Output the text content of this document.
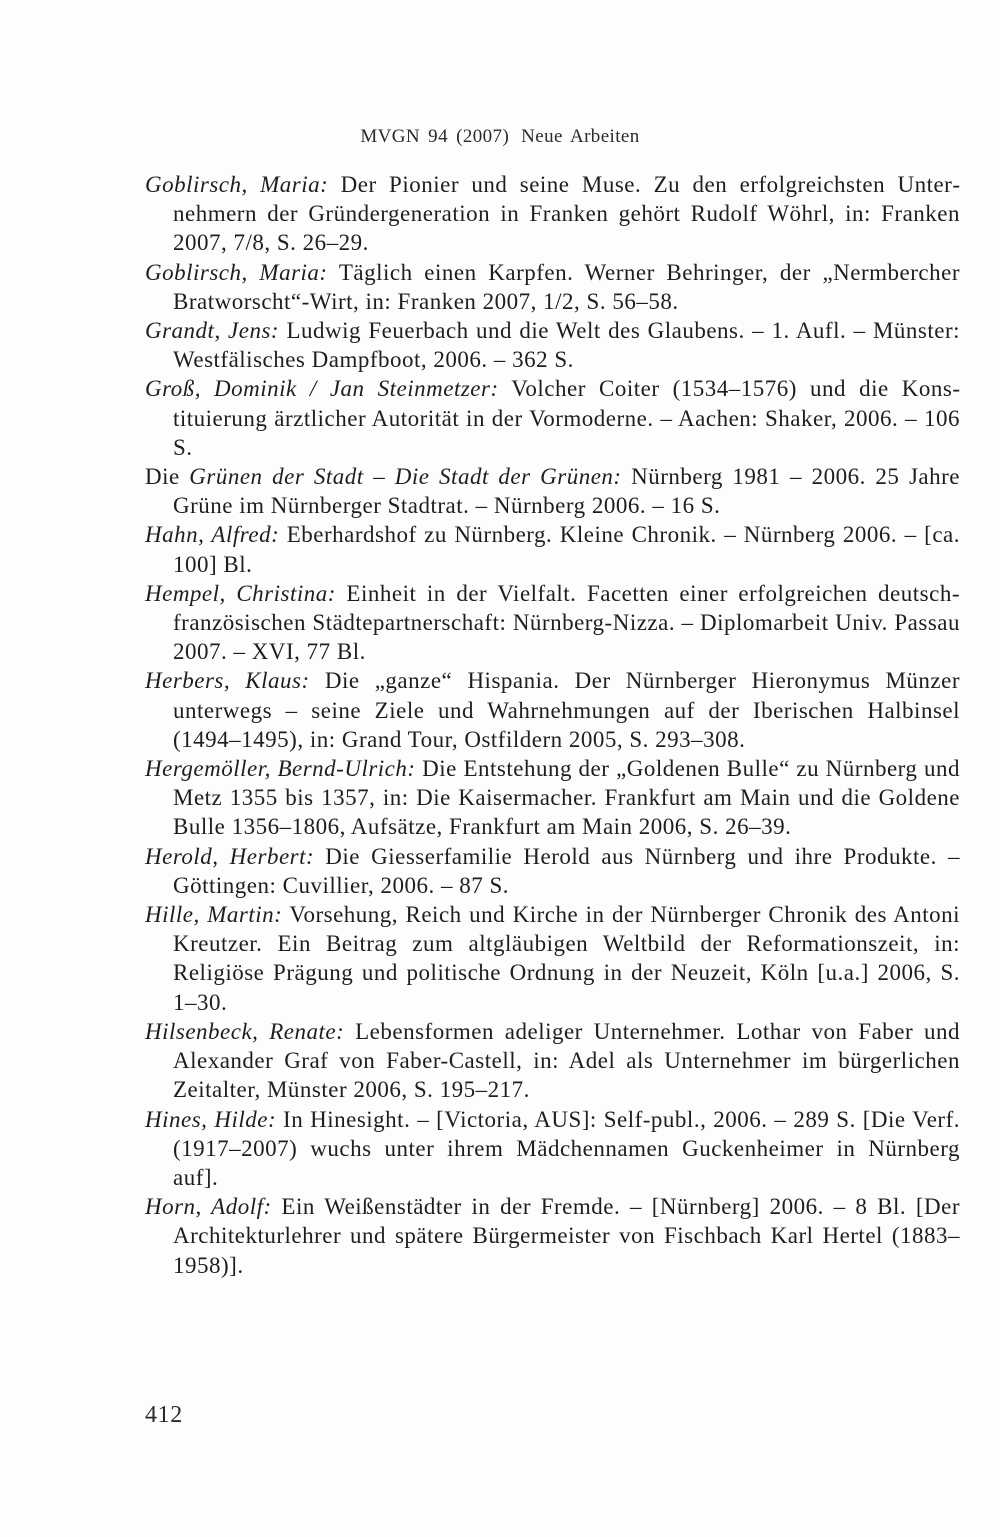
MVGN 94 (2007) Neue Arbeiten

Goblirsch, Maria: Der Pionier und seine Muse. Zu den erfolgreichsten Unternehmern der Gründergeneration in Franken gehört Rudolf Wöhrl, in: Franken 2007, 7/8, S. 26–29.

Goblirsch, Maria: Täglich einen Karpfen. Werner Behringer, der „Nermbercher Bratworscht“-Wirt, in: Franken 2007, 1/2, S. 56–58.

Grandt, Jens: Ludwig Feuerbach und die Welt des Glaubens. – 1. Aufl. – Münster: Westfälisches Dampfboot, 2006. – 362 S.

Groß, Dominik / Jan Steinmetzer: Volcher Coiter (1534–1576) und die Konstituierung ärztlicher Autorität in der Vormoderne. – Aachen: Shaker, 2006. – 106 S.

Die Grünen der Stadt – Die Stadt der Grünen: Nürnberg 1981 – 2006. 25 Jahre Grüne im Nürnberger Stadtrat. – Nürnberg 2006. – 16 S.

Hahn, Alfred: Eberhardshof zu Nürnberg. Kleine Chronik. – Nürnberg 2006. – [ca. 100] Bl.

Hempel, Christina: Einheit in der Vielfalt. Facetten einer erfolgreichen deutsch-französischen Städtepartnerschaft: Nürnberg-Nizza. – Diplomarbeit Univ. Passau 2007. – XVI, 77 Bl.

Herbers, Klaus: Die „ganze“ Hispania. Der Nürnberger Hieronymus Münzer unterwegs – seine Ziele und Wahrnehmungen auf der Iberischen Halbinsel (1494–1495), in: Grand Tour, Ostfildern 2005, S. 293–308.

Hergemöller, Bernd-Ulrich: Die Entstehung der „Goldenen Bulle“ zu Nürnberg und Metz 1355 bis 1357, in: Die Kaisermacher. Frankfurt am Main und die Goldene Bulle 1356–1806, Aufsätze, Frankfurt am Main 2006, S. 26–39.

Herold, Herbert: Die Giesserfamilie Herold aus Nürnberg und ihre Produkte. – Göttingen: Cuvillier, 2006. – 87 S.

Hille, Martin: Vorsehung, Reich und Kirche in der Nürnberger Chronik des Antoni Kreutzer. Ein Beitrag zum altgläubigen Weltbild der Reformationszeit, in: Religiöse Prägung und politische Ordnung in der Neuzeit, Köln [u.a.] 2006, S. 1–30.

Hilsenbeck, Renate: Lebensformen adeliger Unternehmer. Lothar von Faber und Alexander Graf von Faber-Castell, in: Adel als Unternehmer im bürgerlichen Zeitalter, Münster 2006, S. 195–217.

Hines, Hilde: In Hinesight. – [Victoria, AUS]: Self-publ., 2006. – 289 S. [Die Verf. (1917–2007) wuchs unter ihrem Mädchennamen Guckenheimer in Nürnberg auf].

Horn, Adolf: Ein Weißenstädter in der Fremde. – [Nürnberg] 2006. – 8 Bl. [Der Architekturlehrer und spätere Bürgermeister von Fischbach Karl Hertel (1883–1958)].

412
